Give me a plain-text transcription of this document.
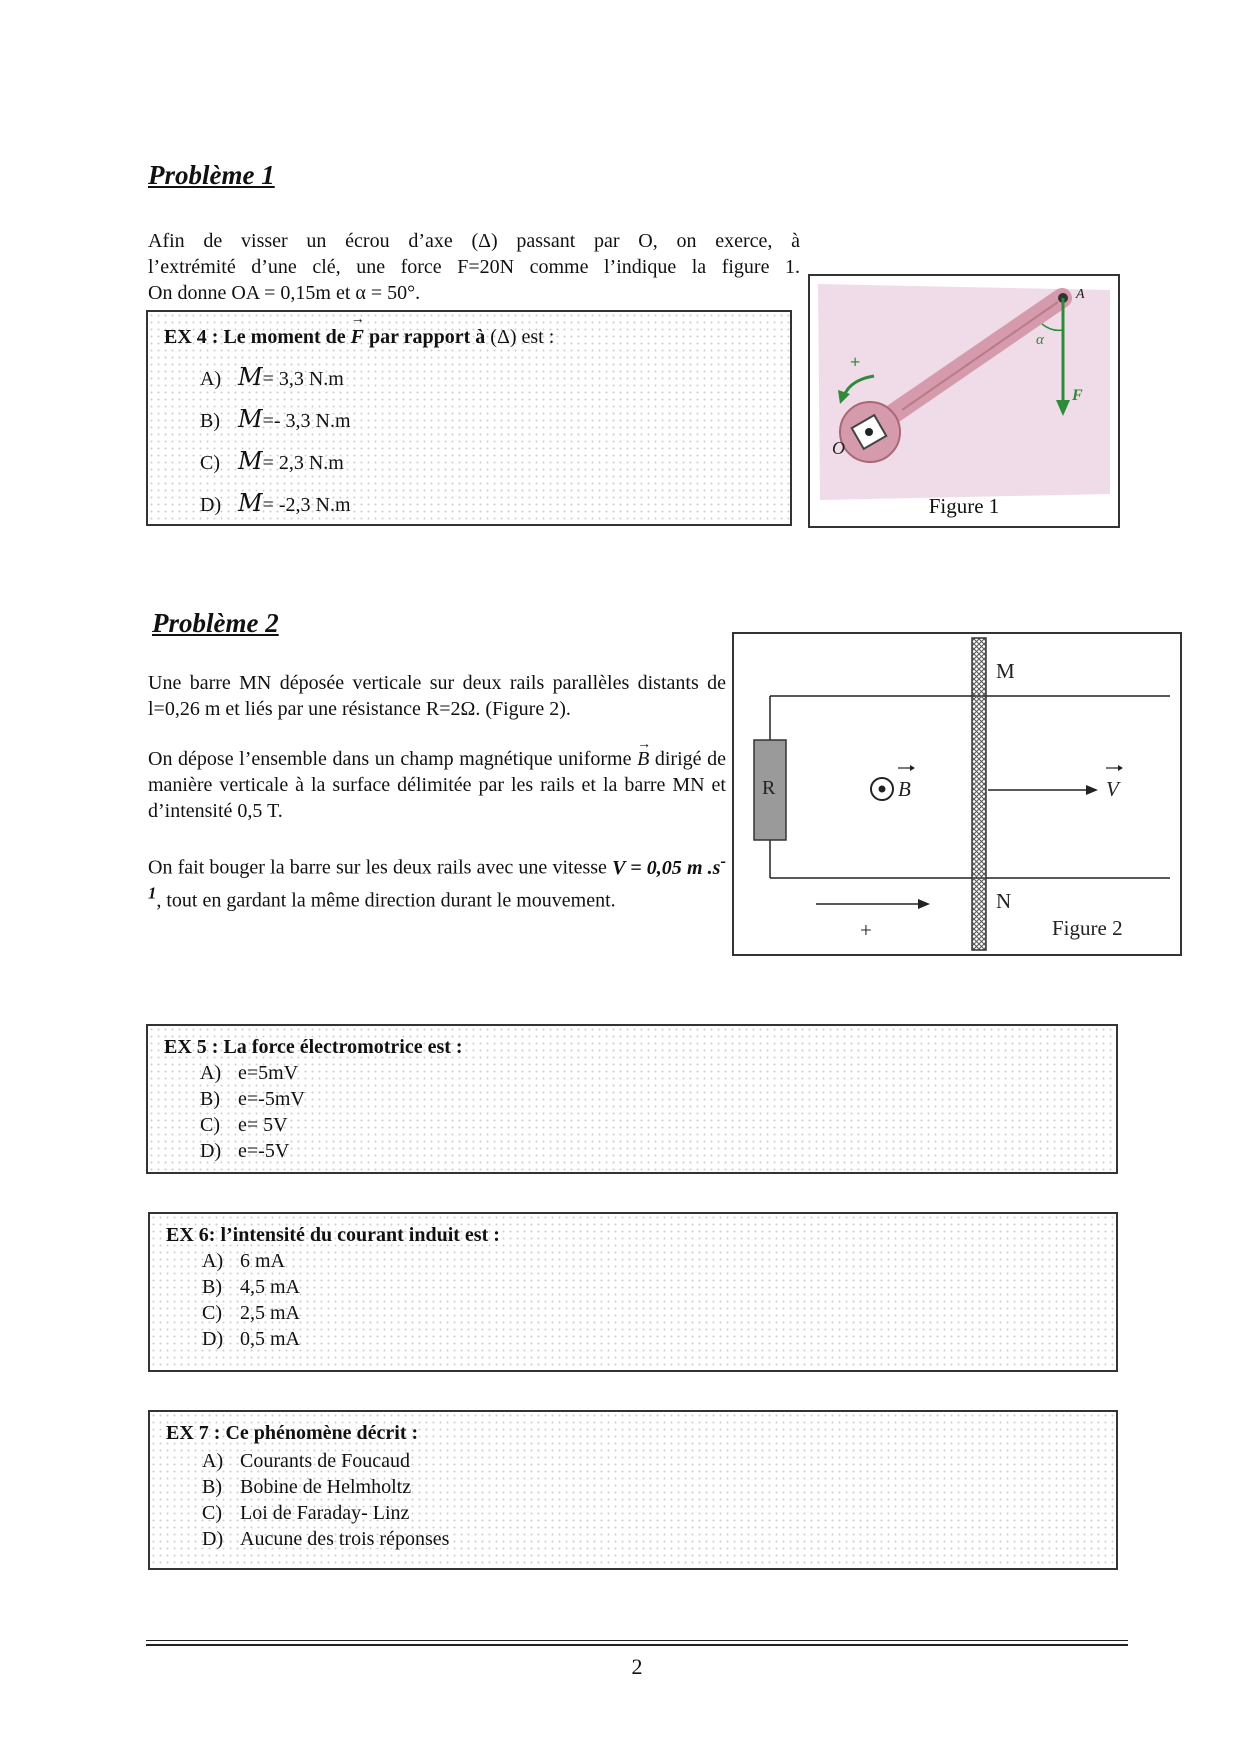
Problème 1
Afin de visser un écrou d’axe (Δ) passant par O, on exerce, à
l’extrémité d’une clé, une force F=20N comme l’indique la figure 1.
On donne OA = 0,15m et α = 50°.
EX 4 : Le moment de → F par rapport à (Δ) est :
A) M= 3,3 N.m
B) M=- 3,3 N.m
C) M= 2,3 N.m
D) M= -2,3 N.m
A
O
α
F
+
Figure 1
Problème 2
Une barre MN déposée verticale sur deux rails parallèles distants de l=0,26 m et liés par une résistance R=2Ω. (Figure 2).
On dépose l’ensemble dans un champ magnétique uniforme → B dirigé de manière verticale à la surface délimitée par les rails et la barre MN et d’intensité 0,5 T.
On fait bouger la barre sur les deux rails avec une vitesse V = 0,05 m $.s^{-1}$, tout en gardant la même direction durant le mouvement.
M
N
R	B	V
+	Figure 2
EX 5 : La force électromotrice est :
A) e=5mV
B) e=-5mV
C) e= 5V
D) e=-5V
EX 6: l’intensité du courant induit est :
A) 6 mA
B) 4,5 mA
C) 2,5 mA
D) 0,5 mA
EX 7 : Ce phénomène décrit :
A) Courants de Foucaud
B) Bobine de Helmholtz
C) Loi de Faraday- Linz
D) Aucune des trois réponses
2
